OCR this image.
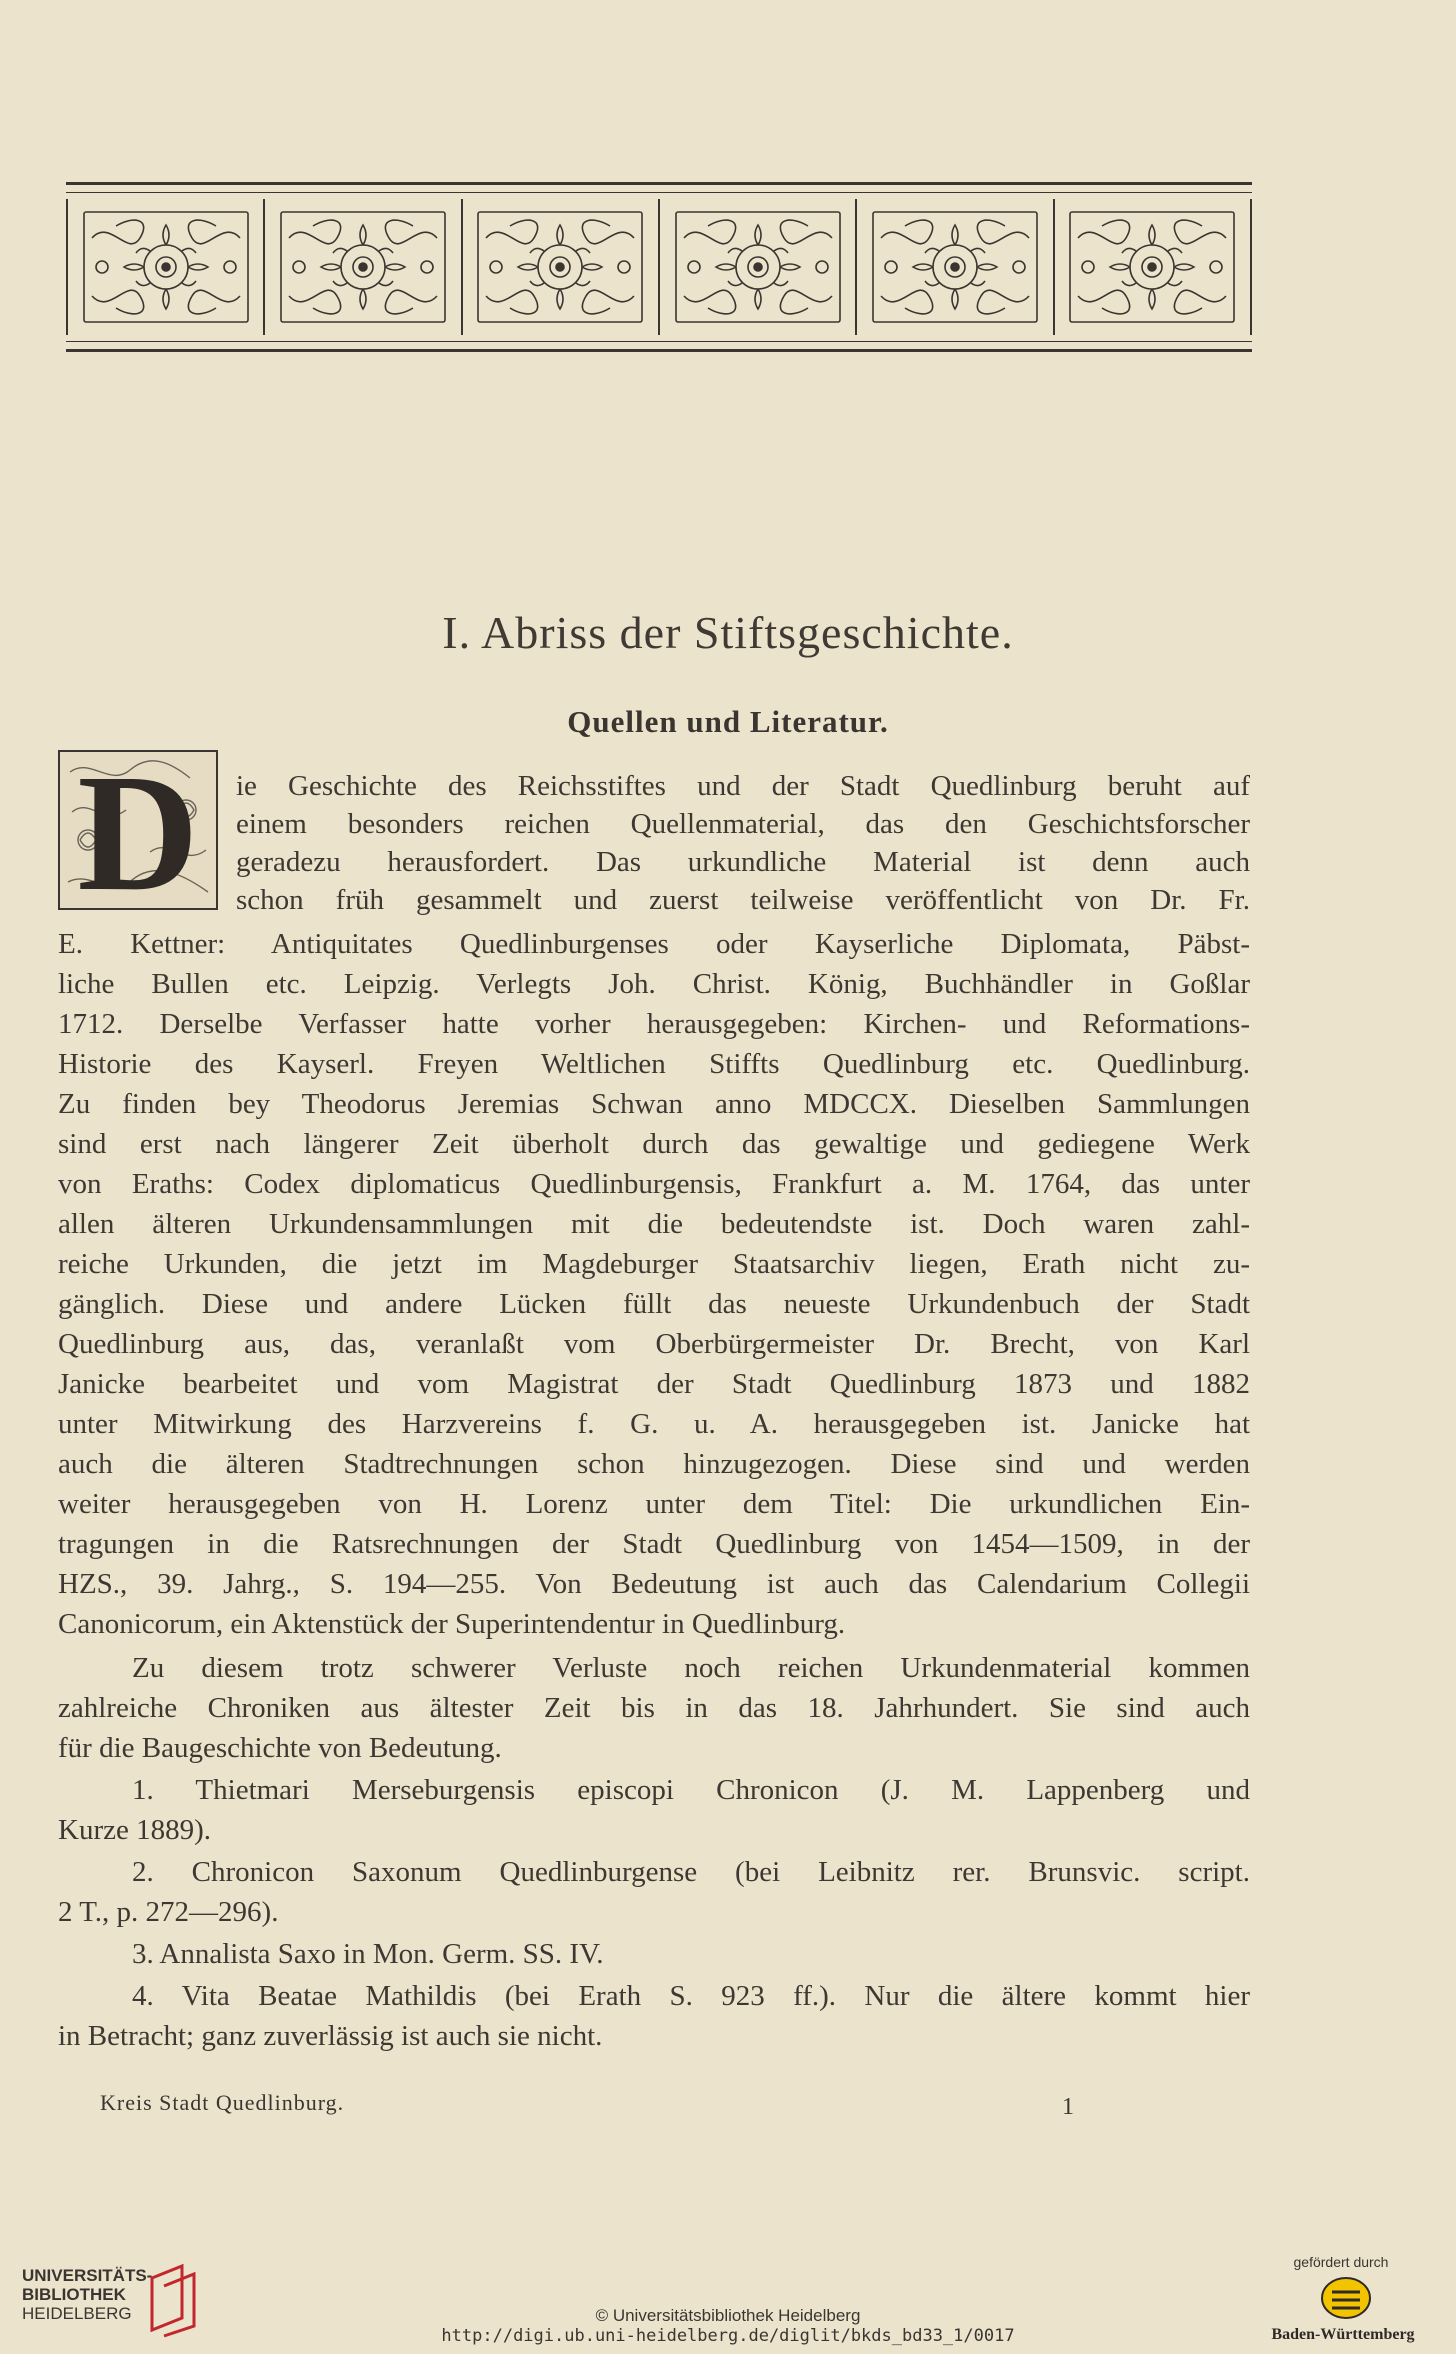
I. Abriss der Stiftsgeschichte.
Quellen und Literatur.
D	ie Geschichte des Reichsstiftes und der Stadt Quedlinburg beruht auf
einem besonders reichen Quellenmaterial, das den Geschichtsforscher
geradezu herausfordert. Das urkundliche Material ist denn auch
schon früh gesammelt und zuerst teilweise veröffentlicht von Dr. Fr.
E. Kettner: Antiquitates Quedlinburgenses oder Kayserliche Diplomata, Päbst-
liche Bullen etc. Leipzig. Verlegts Joh. Christ. König, Buchhändler in Goßlar
1712. Derselbe Verfasser hatte vorher herausgegeben: Kirchen- und Reformations-
Historie des Kayserl. Freyen Weltlichen Stiffts Quedlinburg etc. Quedlinburg.
Zu finden bey Theodorus Jeremias Schwan anno MDCCX. Dieselben Sammlungen
sind erst nach längerer Zeit überholt durch das gewaltige und gediegene Werk
von Eraths: Codex diplomaticus Quedlinburgensis, Frankfurt a. M. 1764, das unter
allen älteren Urkundensammlungen mit die bedeutendste ist. Doch waren zahl-
reiche Urkunden, die jetzt im Magdeburger Staatsarchiv liegen, Erath nicht zu-
gänglich. Diese und andere Lücken füllt das neueste Urkundenbuch der Stadt
Quedlinburg aus, das, veranlaßt vom Oberbürgermeister Dr. Brecht, von Karl
Janicke bearbeitet und vom Magistrat der Stadt Quedlinburg 1873 und 1882
unter Mitwirkung des Harzvereins f. G. u. A. herausgegeben ist. Janicke hat
auch die älteren Stadtrechnungen schon hinzugezogen. Diese sind und werden
weiter herausgegeben von H. Lorenz unter dem Titel: Die urkundlichen Ein-
tragungen in die Ratsrechnungen der Stadt Quedlinburg von 1454—1509, in der
HZS., 39. Jahrg., S. 194—255. Von Bedeutung ist auch das Calendarium Collegii
Canonicorum, ein Aktenstück der Superintendentur in Quedlinburg.
Zu diesem trotz schwerer Verluste noch reichen Urkundenmaterial kommen
zahlreiche Chroniken aus ältester Zeit bis in das 18. Jahrhundert. Sie sind auch
für die Baugeschichte von Bedeutung.
1. Thietmari Merseburgensis episcopi Chronicon (J. M. Lappenberg und
Kurze 1889).
2. Chronicon Saxonum Quedlinburgense (bei Leibnitz rer. Brunsvic. script.
2 T., p. 272—296).
3. Annalista Saxo in Mon. Germ. SS. IV.
4. Vita Beatae Mathildis (bei Erath S. 923 ff.). Nur die ältere kommt hier
in Betracht; ganz zuverlässig ist auch sie nicht.
Kreis Stadt Quedlinburg.	1
UNIVERSITÄTS-
BIBLIOTHEK
HEIDELBERG	© Universitätsbibliothek Heidelberg
http://digi.ub.uni-heidelberg.de/diglit/bkds_bd33_1/0017
gefördert durch
Baden-Württemberg
